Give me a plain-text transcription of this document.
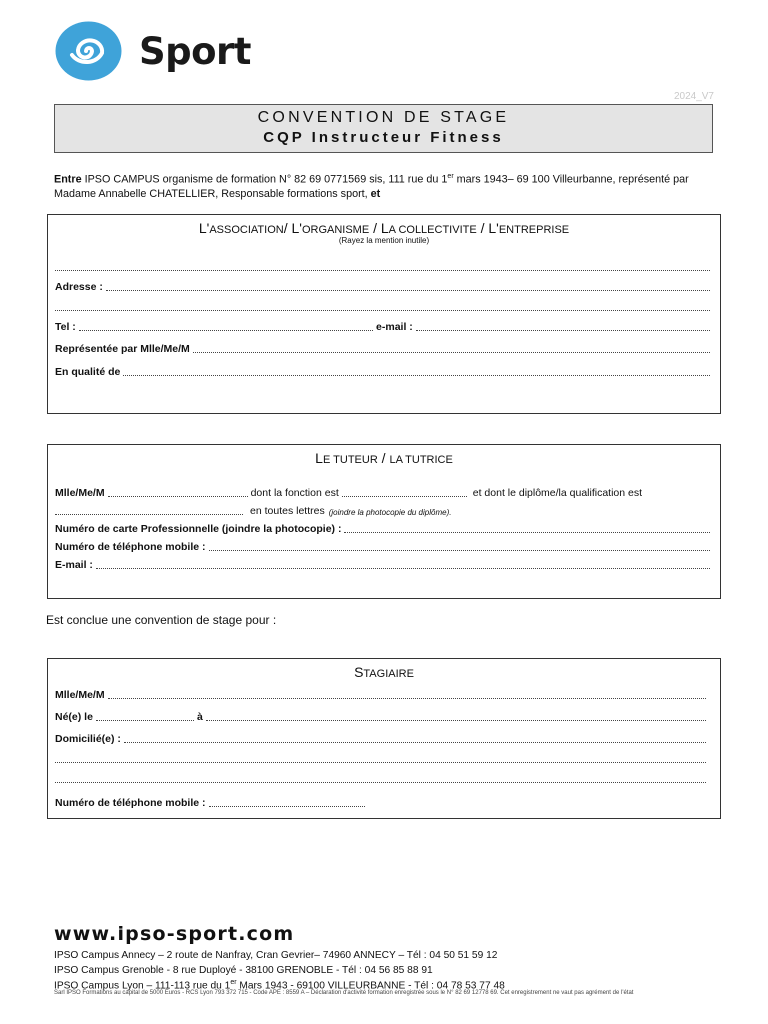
Sport
2024_V7
CONVENTION DE STAGE
CQP Instructeur Fitness
Entre IPSO CAMPUS organisme de formation N° 82 69 0771569 sis, 111 rue du 1er mars 1943– 69 100 Villeurbanne, représenté par Madame Annabelle CHATELLIER, Responsable formations sport, et
L'ASSOCIATION/ L'ORGANISME / LA COLLECTIVITE / L'ENTREPRISE
(Rayez la mention inutile)
Adresse :
Tel :	e-mail :
Représentée par Mlle/Me/M
En qualité de
LE TUTEUR / LA TUTRICE
Mlle/Me/M	dont la fonction est	et dont le diplôme/la qualification est
en toutes lettres (joindre la photocopie du diplôme).
Numéro de carte Professionnelle (joindre la photocopie) :
Numéro de téléphone mobile :
E-mail :
Est conclue une convention de stage pour :
STAGIAIRE
Mlle/Me/M
Né(e) le	à
Domicilié(e) :
Numéro de téléphone mobile :
www.ipso-sport.com
IPSO Campus Annecy – 2 route de Nanfray, Cran Gevrier– 74960 ANNECY – Tél : 04 50 51 59 12
IPSO Campus Grenoble - 8 rue Duployé - 38100 GRENOBLE - Tél : 04 56 85 88 91
IPSO Campus Lyon – 111-113 rue du 1er Mars 1943 - 69100 VILLEURBANNE - Tél : 04 78 53 77 48
Sarl IPSO Formations au capital de 5000 Euros - RCS Lyon 793 372 715 - Code APE : 8559 A – Déclaration d'activité formation enregistrée sous le N° 82 69 12778 69. Cet enregistrement ne vaut pas agrément de l'état
